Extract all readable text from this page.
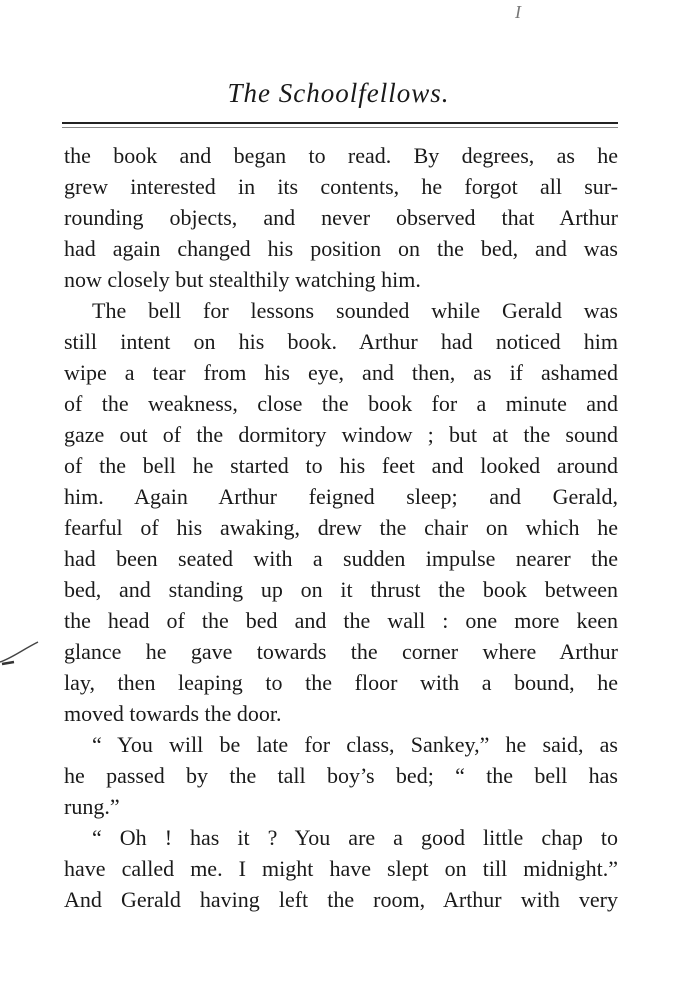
I
The Schoolfellows.
the book and began to read. By degrees, as he
grew interested in its contents, he forgot all sur-
rounding objects, and never observed that Arthur
had again changed his position on the bed, and was
now closely but stealthily watching him.
The bell for lessons sounded while Gerald was
still intent on his book. Arthur had noticed him
wipe a tear from his eye, and then, as if ashamed
of the weakness, close the book for a minute and
gaze out of the dormitory window ; but at the sound
of the bell he started to his feet and looked around
him. Again Arthur feigned sleep; and Gerald,
fearful of his awaking, drew the chair on which he
had been seated with a sudden impulse nearer the
bed, and standing up on it thrust the book between
the head of the bed and the wall : one more keen
glance he gave towards the corner where Arthur
lay, then leaping to the floor with a bound, he
moved towards the door.
“ You will be late for class, Sankey,” he said, as
he passed by the tall boy’s bed; “ the bell has
rung.”
“ Oh ! has it ? You are a good little chap to
have called me. I might have slept on till midnight.”
And Gerald having left the room, Arthur with very
